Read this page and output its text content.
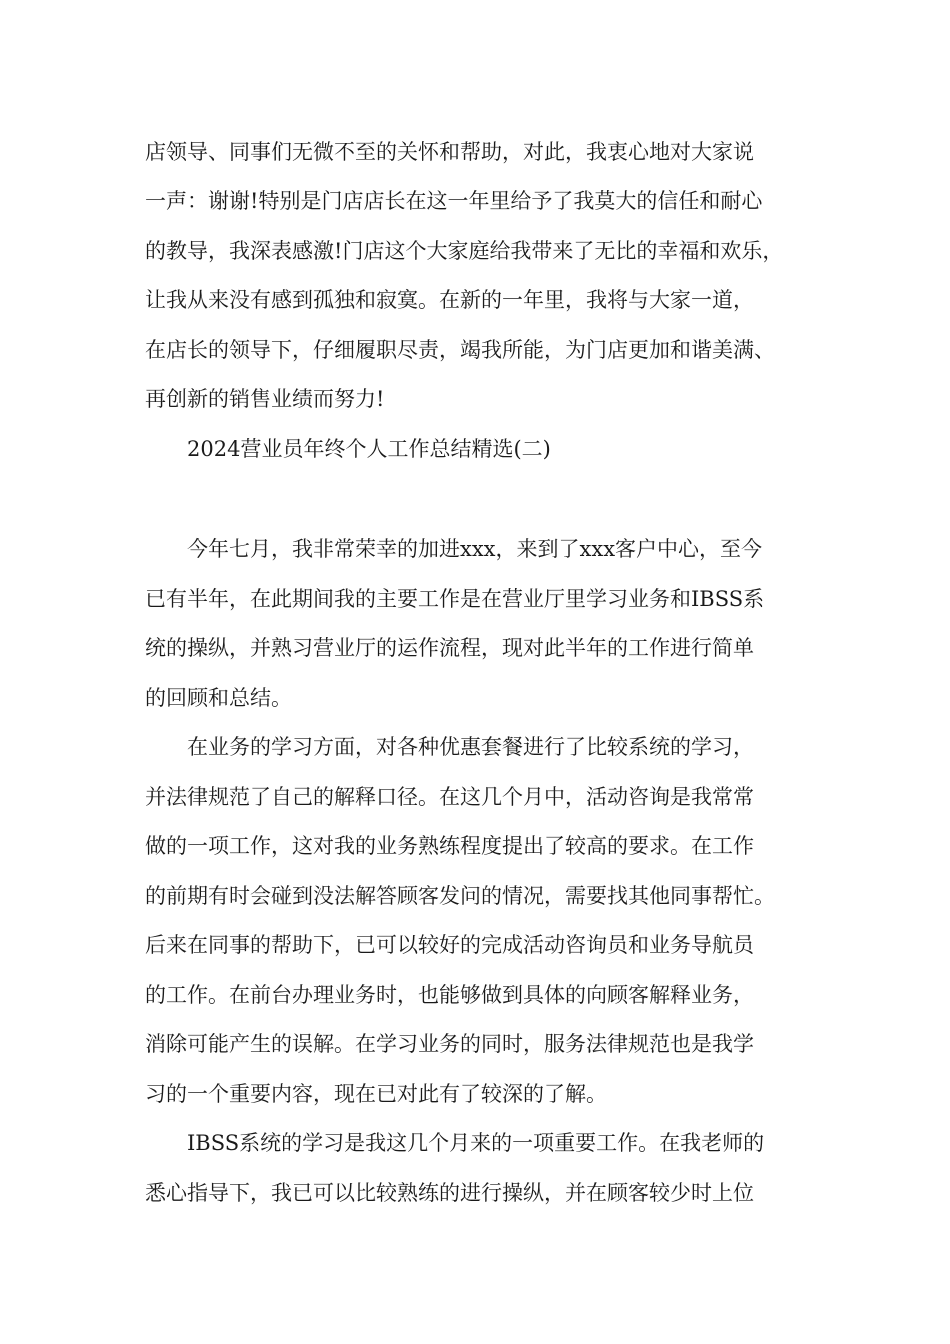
店领导、同事们无微不至的关怀和帮助，对此，我衷心地对大家说
一声：谢谢!特别是门店店长在这一年里给予了我莫大的信任和耐心
的教导，我深表感激!门店这个大家庭给我带来了无比的幸福和欢乐，
让我从来没有感到孤独和寂寞。在新的一年里，我将与大家一道，
在店长的领导下，仔细履职尽责，竭我所能，为门店更加和谐美满、
再创新的销售业绩而努力!
2024营业员年终个人工作总结精选(二)
今年七月，我非常荣幸的加进xxx，来到了xxx客户中心，至今
已有半年，在此期间我的主要工作是在营业厅里学习业务和IBSS系
统的操纵，并熟习营业厅的运作流程，现对此半年的工作进行简单
的回顾和总结。
在业务的学习方面，对各种优惠套餐进行了比较系统的学习，
并法律规范了自己的解释口径。在这几个月中，活动咨询是我常常
做的一项工作，这对我的业务熟练程度提出了较高的要求。在工作
的前期有时会碰到没法解答顾客发问的情况，需要找其他同事帮忙。
后来在同事的帮助下，已可以较好的完成活动咨询员和业务导航员
的工作。在前台办理业务时，也能够做到具体的向顾客解释业务，
消除可能产生的误解。在学习业务的同时，服务法律规范也是我学
习的一个重要内容，现在已对此有了较深的了解。
IBSS系统的学习是我这几个月来的一项重要工作。在我老师的
悉心指导下，我已可以比较熟练的进行操纵，并在顾客较少时上位
